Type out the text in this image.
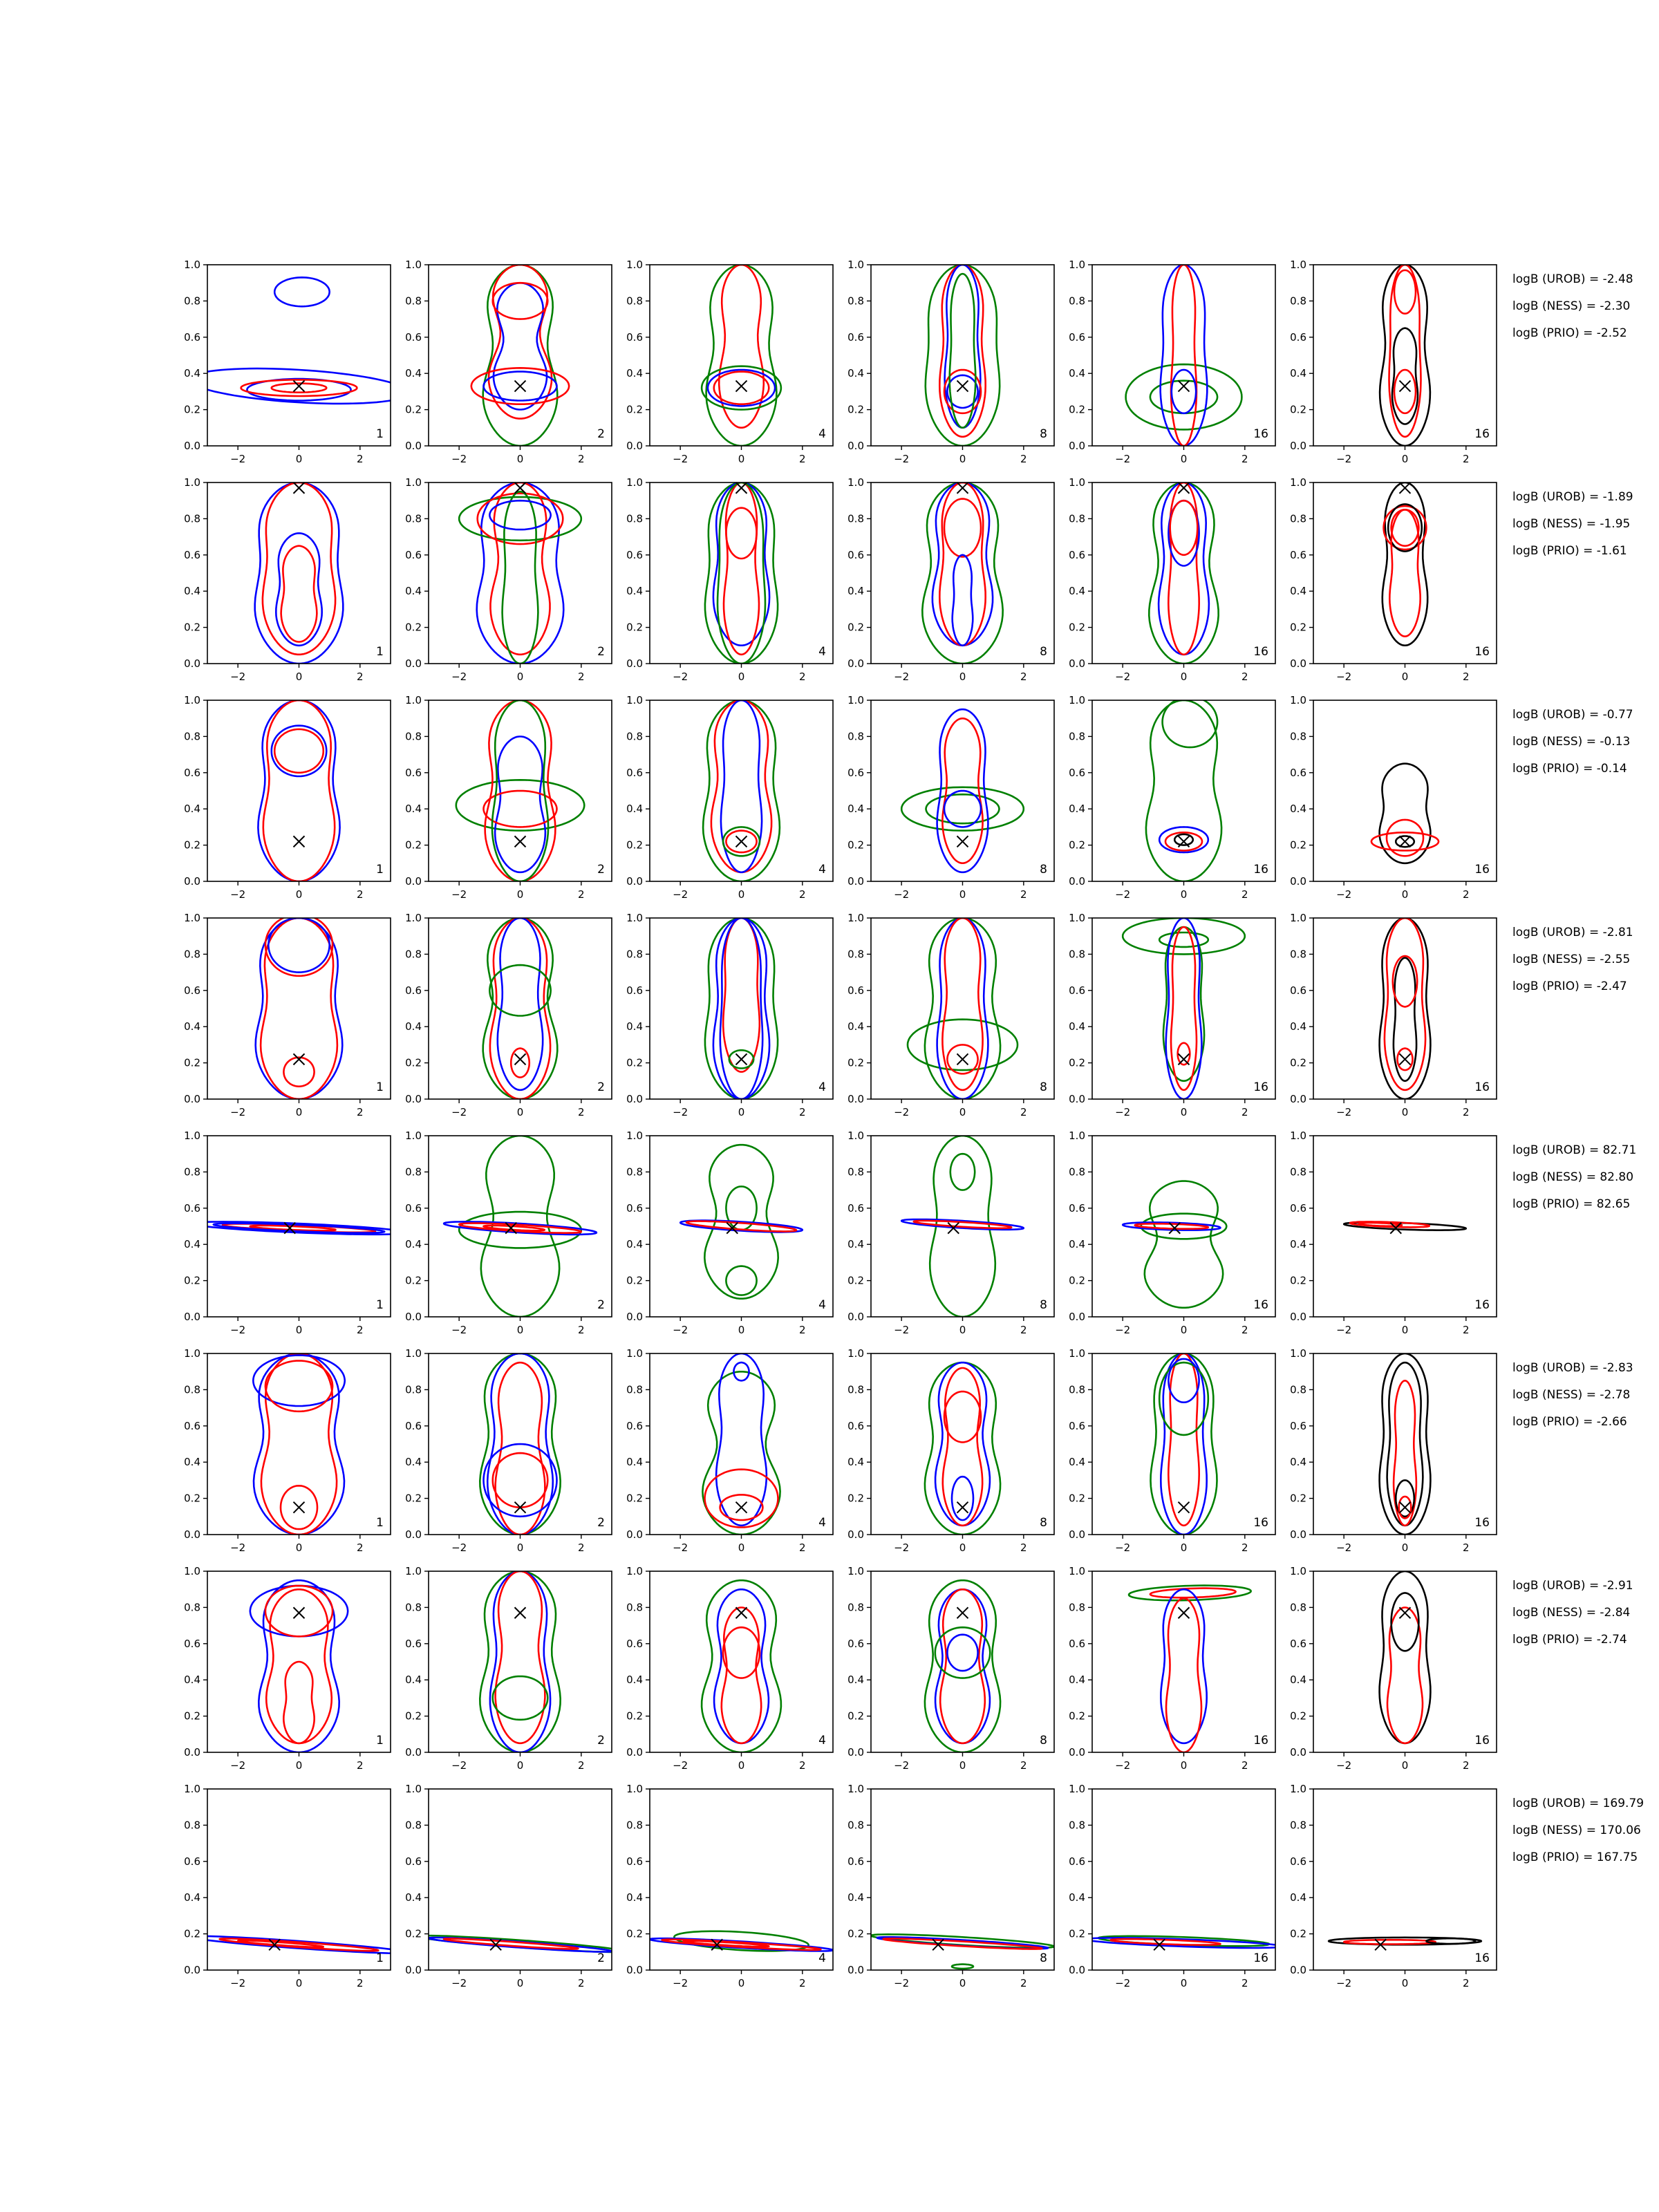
−2	0	2
0.0
0.2
0.4
0.6
0.8
1.0
1
−2	0	2
0.0
0.2
0.4
0.6
0.8
1.0
2
−2	0	2
0.0
0.2
0.4
0.6
0.8
1.0
4
−2	0	2
0.0
0.2
0.4
0.6
0.8
1.0
8
−2	0	2
0.0
0.2
0.4
0.6
0.8
1.0
16
−2	0	2
0.0
0.2
0.4
0.6
0.8
1.0
16
logB (UROB) = -2.48
logB (NESS) = -2.30
logB (PRIO) = -2.52
−2	0	2
0.0
0.2
0.4
0.6
0.8
1.0
1
−2	0	2
0.0
0.2
0.4
0.6
0.8
1.0
2
−2	0	2
0.0
0.2
0.4
0.6
0.8
1.0
4
−2	0	2
0.0
0.2
0.4
0.6
0.8
1.0
8
−2	0	2
0.0
0.2
0.4
0.6
0.8
1.0
16
−2	0	2
0.0
0.2
0.4
0.6
0.8
1.0
16
logB (UROB) = -1.89
logB (NESS) = -1.95
logB (PRIO) = -1.61
−2	0	2
0.0
0.2
0.4
0.6
0.8
1.0
1
−2	0	2
0.0
0.2
0.4
0.6
0.8
1.0
2
−2	0	2
0.0
0.2
0.4
0.6
0.8
1.0
4
−2	0	2
0.0
0.2
0.4
0.6
0.8
1.0
8
−2	0	2
0.0
0.2
0.4
0.6
0.8
1.0
16
−2	0	2
0.0
0.2
0.4
0.6
0.8
1.0
16
logB (UROB) = -0.77
logB (NESS) = -0.13
logB (PRIO) = -0.14
−2	0	2
0.0
0.2
0.4
0.6
0.8
1.0
1
−2	0	2
0.0
0.2
0.4
0.6
0.8
1.0
2
−2	0	2
0.0
0.2
0.4
0.6
0.8
1.0
4
−2	0	2
0.0
0.2
0.4
0.6
0.8
1.0
8
−2	0	2
0.0
0.2
0.4
0.6
0.8
1.0
16
−2	0	2
0.0
0.2
0.4
0.6
0.8
1.0
16
logB (UROB) = -2.81
logB (NESS) = -2.55
logB (PRIO) = -2.47
−2	0	2
0.0
0.2
0.4
0.6
0.8
1.0
1
−2	0	2
0.0
0.2
0.4
0.6
0.8
1.0
2
−2	0	2
0.0
0.2
0.4
0.6
0.8
1.0
4
−2	0	2
0.0
0.2
0.4
0.6
0.8
1.0
8
−2	0	2
0.0
0.2
0.4
0.6
0.8
1.0
16
−2	0	2
0.0
0.2
0.4
0.6
0.8
1.0
16
logB (UROB) = 82.71
logB (NESS) = 82.80
logB (PRIO) = 82.65
−2	0	2
0.0
0.2
0.4
0.6
0.8
1.0
1
−2	0	2
0.0
0.2
0.4
0.6
0.8
1.0
2
−2	0	2
0.0
0.2
0.4
0.6
0.8
1.0
4
−2	0	2
0.0
0.2
0.4
0.6
0.8
1.0
8
−2	0	2
0.0
0.2
0.4
0.6
0.8
1.0
16
−2	0	2
0.0
0.2
0.4
0.6
0.8
1.0
16
logB (UROB) = -2.83
logB (NESS) = -2.78
logB (PRIO) = -2.66
−2	0	2
0.0
0.2
0.4
0.6
0.8
1.0
1
−2	0	2
0.0
0.2
0.4
0.6
0.8
1.0
2
−2	0	2
0.0
0.2
0.4
0.6
0.8
1.0
4
−2	0	2
0.0
0.2
0.4
0.6
0.8
1.0
8
−2	0	2
0.0
0.2
0.4
0.6
0.8
1.0
16
−2	0	2
0.0
0.2
0.4
0.6
0.8
1.0
16
logB (UROB) = -2.91
logB (NESS) = -2.84
logB (PRIO) = -2.74
−2	0	2
0.0
0.2
0.4
0.6
0.8
1.0
1
−2	0	2
0.0
0.2
0.4
0.6
0.8
1.0
2
−2	0	2
0.0
0.2
0.4
0.6
0.8
1.0
4
−2	0	2
0.0
0.2
0.4
0.6
0.8
1.0
8
−2	0	2
0.0
0.2
0.4
0.6
0.8
1.0
16
−2	0	2
0.0
0.2
0.4
0.6
0.8
1.0
16
logB (UROB) = 169.79
logB (NESS) = 170.06
logB (PRIO) = 167.75
